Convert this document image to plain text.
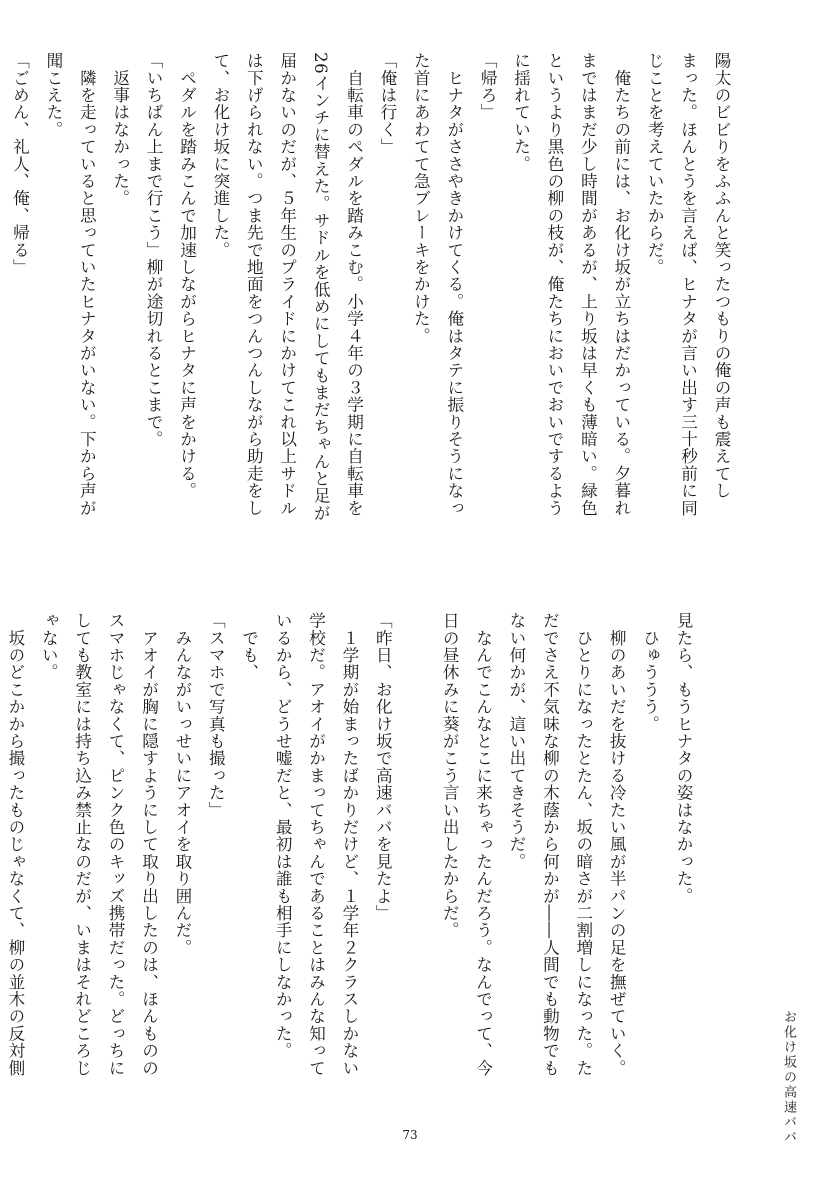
陽太のビビりをふふんと笑ったつもりの俺の声も震えてし
まった。ほんとうを言えば、ヒナタが言い出す三十秒前に同
じことを考えていたからだ。
　俺たちの前には、お化け坂が立ちはだかっている。夕暮れ
まではまだ少し時間があるが、上り坂は早くも薄暗い。緑色
というより黒色の柳の枝が、俺たちにおいでおいでするよう
に揺れていた。
「帰ろ」
　ヒナタがささやきかけてくる。俺はタテに振りそうになっ
た首にあわてて急ブレーキをかけた。
「俺は行く」
　自転車のペダルを踏みこむ。小学４年の３学期に自転車を
26インチに替えた。サドルを低めにしてもまだちゃんと足が
届かないのだが、５年生のプライドにかけてこれ以上サドル
は下げられない。つま先で地面をつんつんしながら助走をし
て、お化け坂に突進した。
　ペダルを踏みこんで加速しながらヒナタに声をかける。
「いちばん上まで行こう」柳が途切れるとこまで。
　返事はなかった。
　隣を走っていると思っていたヒナタがいない。下から声が
聞こえた。
「ごめん、礼人、俺、帰る」
見たら、もうヒナタの姿はなかった。
　ひゅううう。
　柳のあいだを抜ける冷たい風が半パンの足を撫ぜていく。
　ひとりになったとたん、坂の暗さが二割増しになった。た
だでさえ不気味な柳の木蔭から何かが――人間でも動物でも
ない何かが、這い出てきそうだ。
　なんでこんなとこに来ちゃったんだろう。なんでって、今
日の昼休みに葵がこう言い出したからだ。

「昨日、お化け坂で高速ババを見たよ」
　１学期が始まったばかりだけど、１学年２クラスしかない
学校だ。アオイがかまってちゃんであることはみんな知って
いるから、どうせ嘘だと、最初は誰も相手にしなかった。
　でも、
「スマホで写真も撮った」
　みんながいっせいにアオイを取り囲んだ。
　アオイが胸に隠すようにして取り出したのは、ほんものの
スマホじゃなくて、ピンク色のキッズ携帯だった。どっちに
しても教室には持ち込み禁止なのだが、いまはそれどころじ
ゃない。
　坂のどこかから撮ったものじゃなくて、柳の並木の反対側
お化け坂の高速ババ
73
